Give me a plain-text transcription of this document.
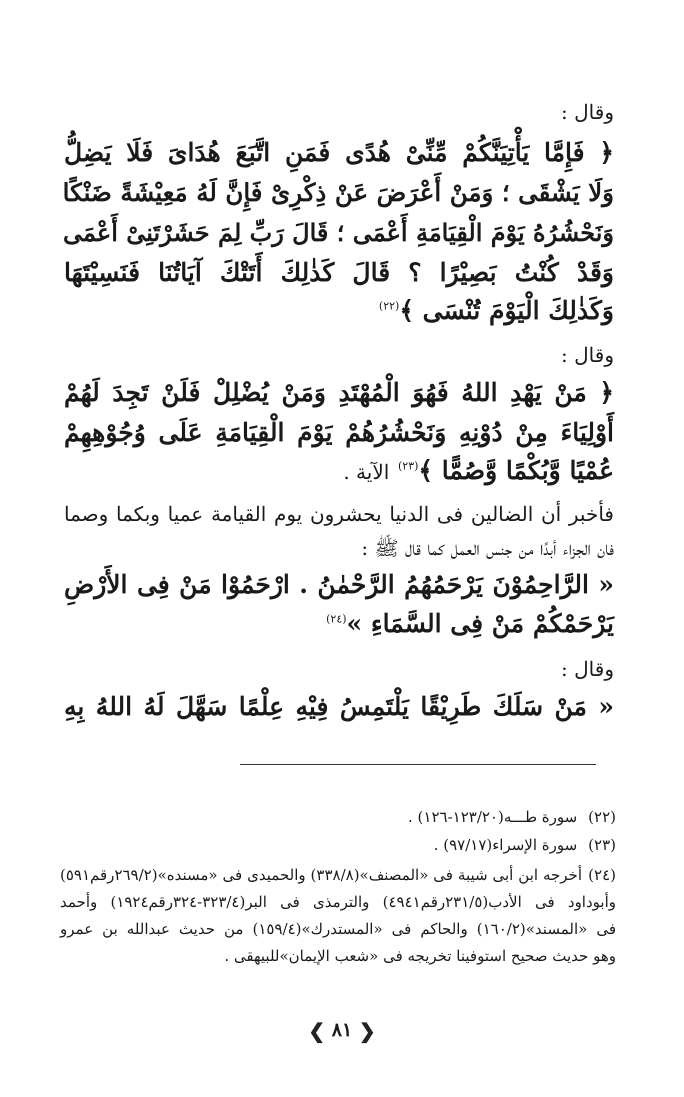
وقال :
﴿ فَإِمَّا يَأْتِيَنَّكُمْ مِّنِّىْ هُدًى فَمَنِ اتَّبَعَ هُدَاىَ فَلَا يَضِلُّ
وَلَا يَشْقَى ؛ وَمَنْ أَعْرَضَ عَنْ ذِكْرِىْ فَإِنَّ لَهُ مَعِيْشَةً ضَنْكًا
وَنَحْشُرُهُ يَوْمَ الْقِيَامَةِ أَعْمَى ؛ قَالَ رَبِّ لِمَ حَشَرْتَنِىْ أَعْمَى
وَقَدْ كُنْتُ بَصِيْرًا ؟ قَالَ كَذٰلِكَ أَتَتْكَ آيَاتُنَا فَنَسِيْتَهَا
وَكَذٰلِكَ الْيَوْمَ تُنْسَى ﴾$^{(٢٢)}$
وقال :
﴿ مَنْ يَهْدِ اللهُ فَهُوَ الْمُهْتَدِ وَمَنْ يُضْلِلْ فَلَنْ تَجِدَ لَهُمْ
أَوْلِيَاءَ مِنْ دُوْنِهِ وَنَحْشُرُهُمْ يَوْمَ الْقِيَامَةِ عَلَى وُجُوْهِهِمْ
عُمْيًا وَّبُكْمًا وَّصُمًّا ﴾$^{(٢٣)}$ الآية .
فأخبر أن الضالين فى الدنيا يحشرون يوم القيامة عميا وبكما وصما
فان الجزاء أبدًا من جنس العمل كما قال ﷺ :
« الرَّاحِمُوْنَ يَرْحَمُهُمُ الرَّحْمٰنُ . ارْحَمُوْا مَنْ فِى الأَرْضِ
يَرْحَمْكُمْ مَنْ فِى السَّمَاءِ »$^{(٢٤)}$
وقال :
« مَنْ سَلَكَ طَرِيْقًا يَلْتَمِسُ فِيْهِ عِلْمًا سَهَّلَ لَهُ اللهُ بِهِ
(٢٢) سورة طـــه(١٢٣/٢٠-١٢٦) .
(٢٣) سورة الإسراء(٩٧/١٧) .
(٢٤)
أخرجه ابن أبى شيبة فى «المصنف»(٣٣٨/٨) والحميدى فى «مسنده»(٢٦٩/٢رقم٥٩١)
وأبوداود فى الأدب(٢٣١/٥رقم٤٩٤١) والترمذى فى البر(٣٢٣/٤-٣٢٤رقم١٩٢٤) وأحمد
فى «المسند»(١٦٠/٢) والحاكم فى «المستدرك»(١٥٩/٤) من حديث عبدالله بن عمرو
وهو حديث صحيح استوفينا تخريجه فى «شعب الإيمان»للبيهقى .
❮ ٨١ ❯
